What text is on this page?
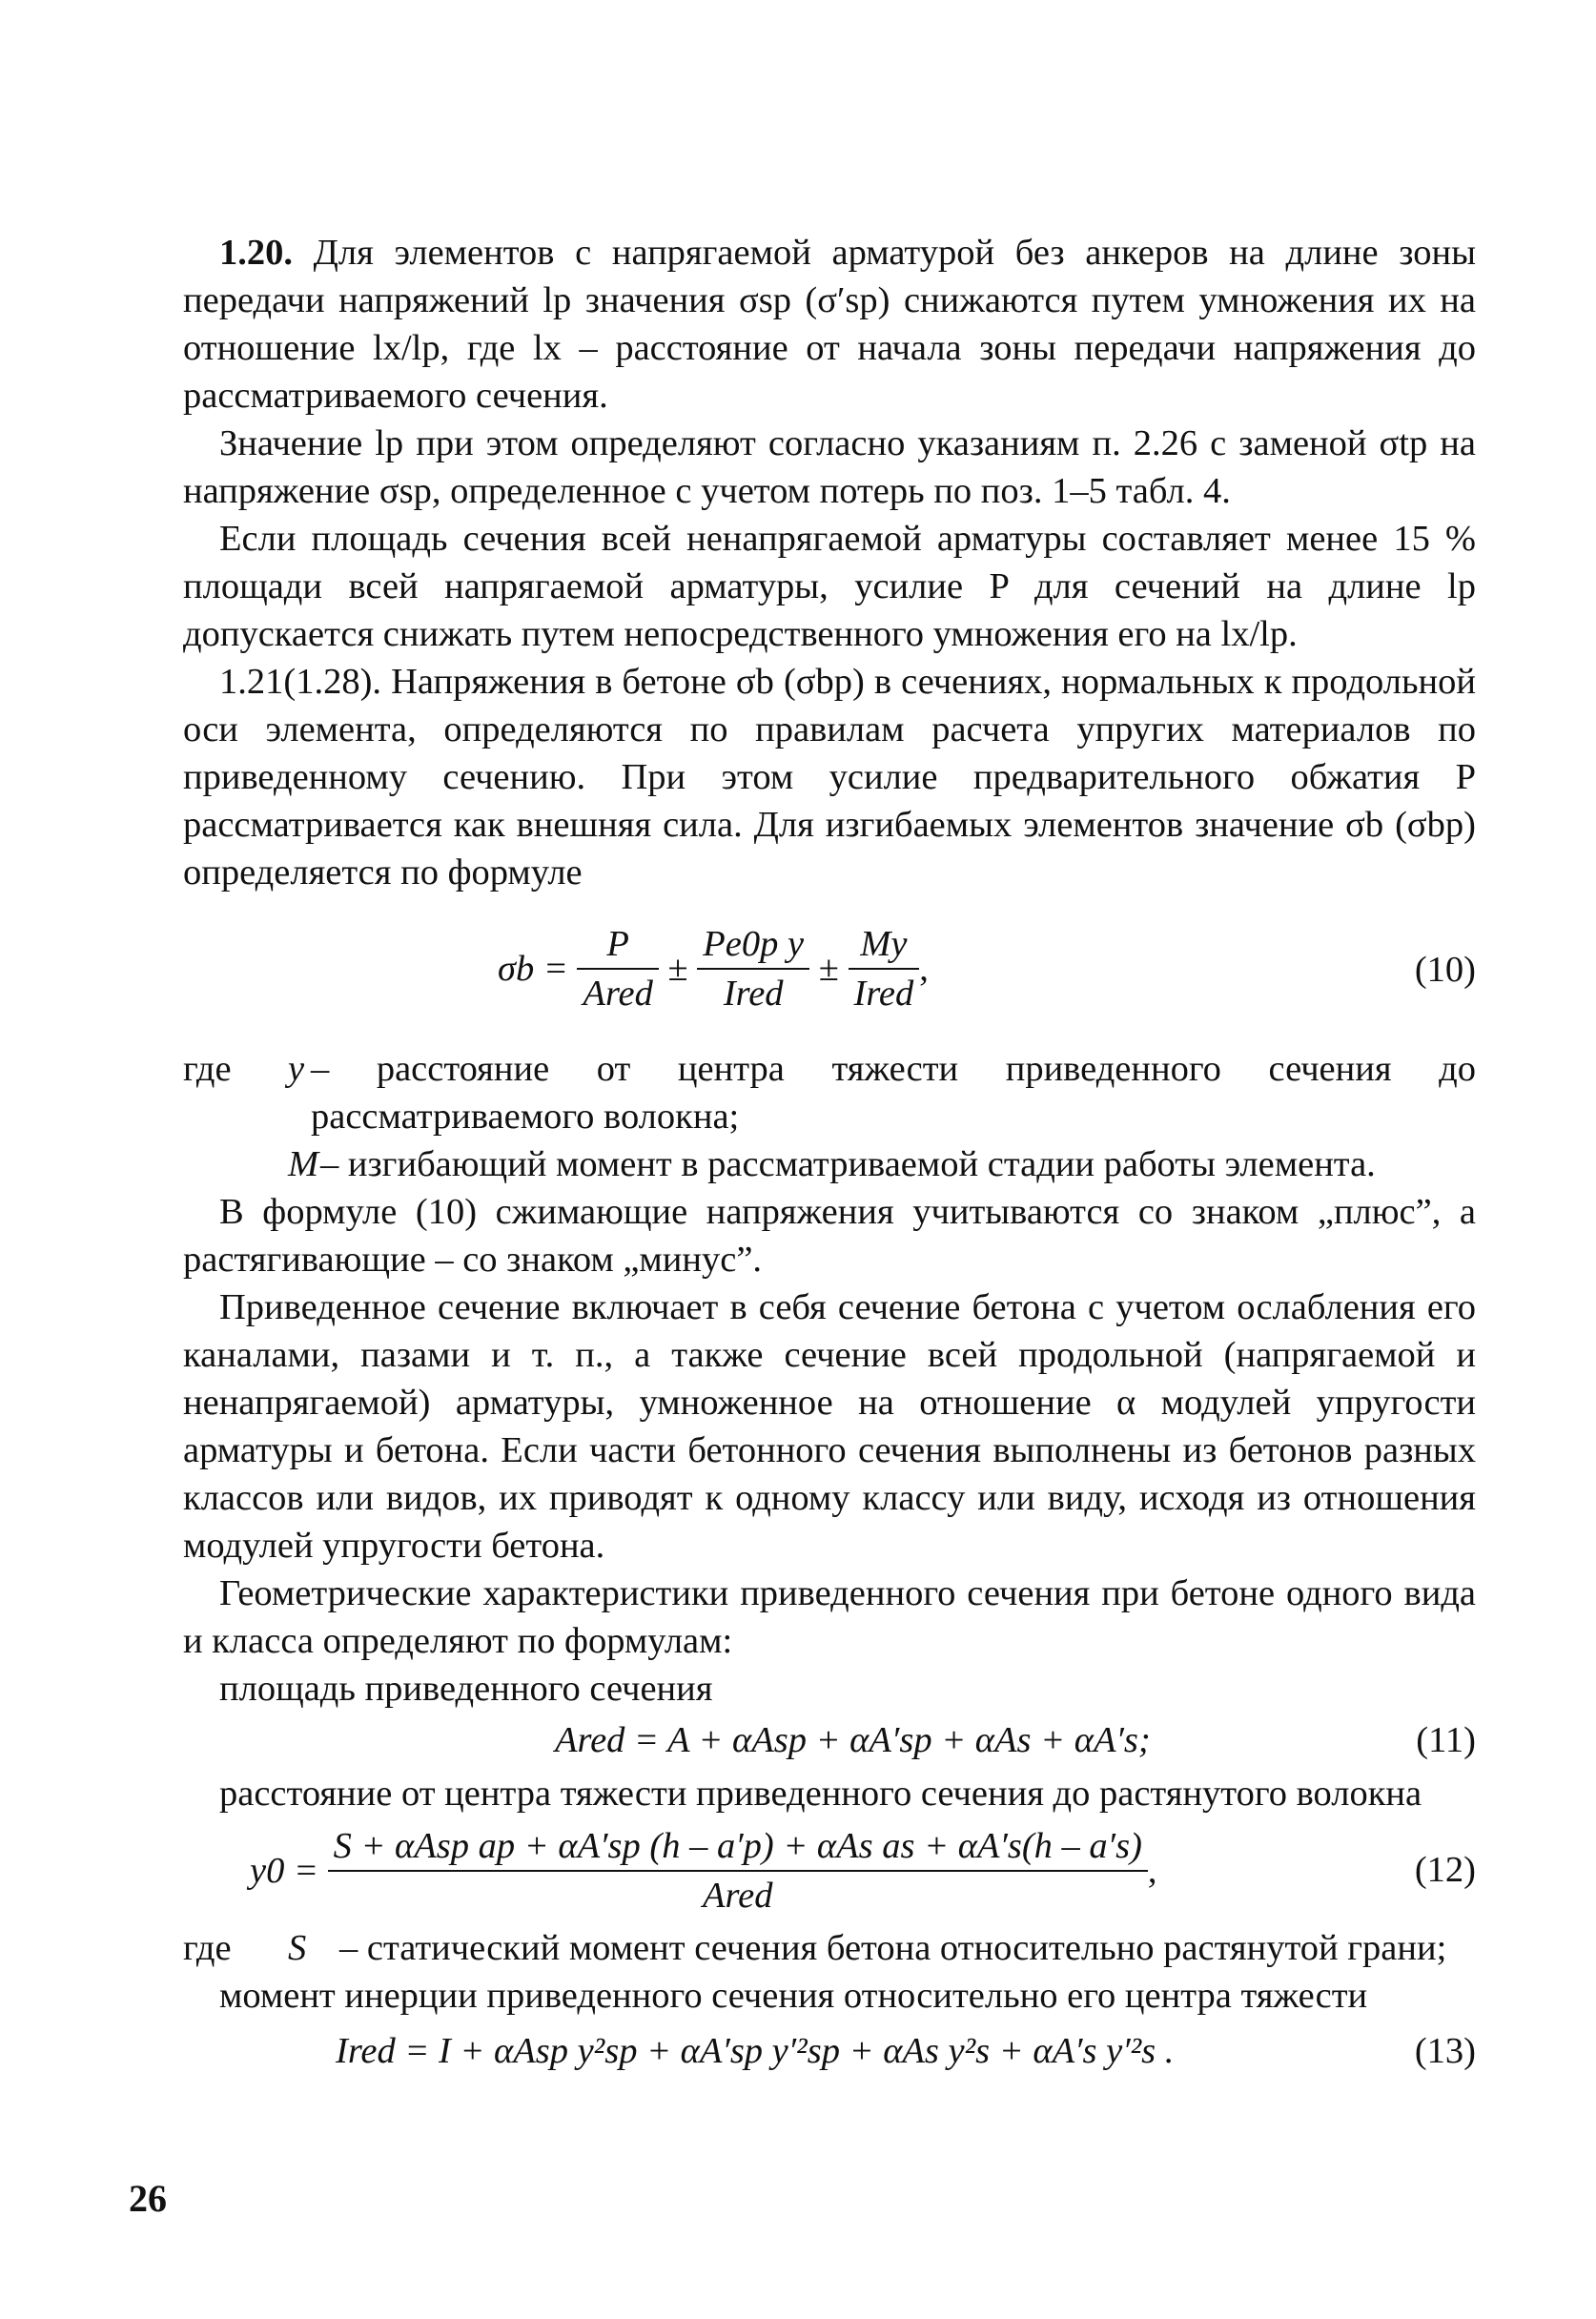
1.20. Для элементов с напрягаемой арматурой без анкеров на длине зоны передачи напряжений lp значения σsp (σ′sp) снижаются путем умножения их на отношение lx/lp, где lx – расстояние от начала зоны передачи напряжения до рассматриваемого сечения.

Значение lp при этом определяют согласно указаниям п. 2.26 с заменой σtp на напряжение σsp, определенное с учетом потерь по поз. 1–5 табл. 4.

Если площадь сечения всей ненапрягаемой арматуры составляет менее 15 % площади всей напрягаемой арматуры, усилие P для сечений на длине lp допускается снижать путем непосредственного умножения его на lx/lp.

1.21(1.28). Напряжения в бетоне σb (σbp) в сечениях, нормальных к продольной оси элемента, определяются по правилам расчета упругих материалов по приведенному сечению. При этом усилие предварительного обжатия P рассматривается как внешняя сила. Для изгибаемых элементов значение σb (σbp) определяется по формуле

σb =
$\frac{P}{\text{Ared}}$
±
$\frac{\text{Pe0p y}}{\text{Ired}}$
±
$\frac{My}{\text{Ired}}$ ,	(10)
где	y – расстояние от центра тяжести приведенного сечения до рассматриваемого волокна;
M – изгибающий момент в рассматриваемой стадии работы элемента.

В формуле (10) сжимающие напряжения учитываются со знаком „плюс”, а растягивающие – со знаком „минус”.

Приведенное сечение включает в себя сечение бетона с учетом ослабления его каналами, пазами и т. п., а также сечение всей продольной (напрягаемой и ненапрягаемой) арматуры, умноженное на отношение α модулей упругости арматуры и бетона. Если части бетонного сечения выполнены из бетонов разных классов или видов, их приводят к одному классу или виду, исходя из отношения модулей упругости бетона.

Геометрические характеристики приведенного сечения при бетоне одного вида и класса определяют по формулам:

площадь приведенного сечения

Ared = A + αAsp + αA′sp + αAs + αA′s;	(11)

расстояние от центра тяжести приведенного сечения до растянутого волокна

y0 =
$\frac{\text{S + αAsp ap + αA′sp (h – a′p) + αAs as + αA′s(h – a′s)}}{\text{Ared}}$ ,	(12)
где	S – статический момент сечения бетона относительно растянутой грани;

момент инерции приведенного сечения относительно его центра тяжести

Ired = I + αAsp y²sp + αA′sp y′²sp + αAs y²s + αA′s y′²s .	(13)
26
